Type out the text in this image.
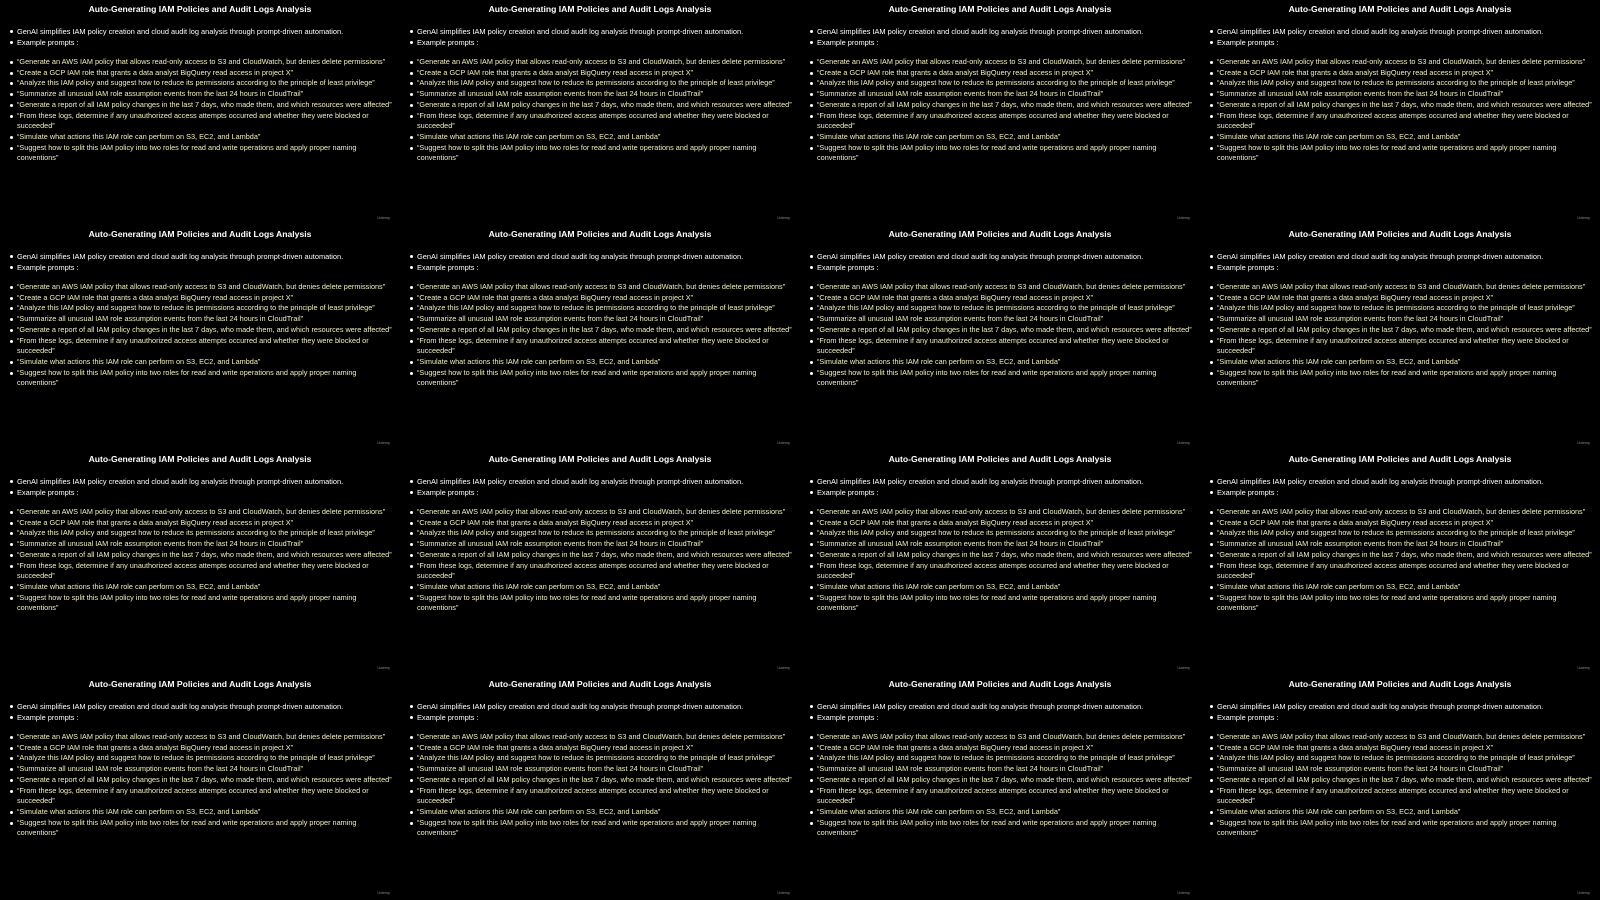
Auto-Generating IAM Policies and Audit Logs Analysis
GenAI simplifies IAM policy creation and cloud audit log analysis through prompt-driven automation.
Example prompts :
“Generate an AWS IAM policy that allows read-only access to S3 and CloudWatch, but denies delete permissions”
“Create a GCP IAM role that grants a data analyst BigQuery read access in project X”
“Analyze this IAM policy and suggest how to reduce its permissions according to the principle of least privilege”
“Summarize all unusual IAM role assumption events from the last 24 hours in CloudTrail”
“Generate a report of all IAM policy changes in the last 7 days, who made them, and which resources were affected”
“From these logs, determine if any unauthorized access attempts occurred and whether they were blocked or succeeded”
“Simulate what actions this IAM role can perform on S3, EC2, and Lambda”
“Suggest how to split this IAM policy into two roles for read and write operations and apply proper naming conventions”
Udemy
Auto-Generating IAM Policies and Audit Logs Analysis
GenAI simplifies IAM policy creation and cloud audit log analysis through prompt-driven automation.
Example prompts :
“Generate an AWS IAM policy that allows read-only access to S3 and CloudWatch, but denies delete permissions”
“Create a GCP IAM role that grants a data analyst BigQuery read access in project X”
“Analyze this IAM policy and suggest how to reduce its permissions according to the principle of least privilege”
“Summarize all unusual IAM role assumption events from the last 24 hours in CloudTrail”
“Generate a report of all IAM policy changes in the last 7 days, who made them, and which resources were affected”
“From these logs, determine if any unauthorized access attempts occurred and whether they were blocked or succeeded”
“Simulate what actions this IAM role can perform on S3, EC2, and Lambda”
“Suggest how to split this IAM policy into two roles for read and write operations and apply proper naming conventions”
Udemy
Auto-Generating IAM Policies and Audit Logs Analysis
GenAI simplifies IAM policy creation and cloud audit log analysis through prompt-driven automation.
Example prompts :
“Generate an AWS IAM policy that allows read-only access to S3 and CloudWatch, but denies delete permissions”
“Create a GCP IAM role that grants a data analyst BigQuery read access in project X”
“Analyze this IAM policy and suggest how to reduce its permissions according to the principle of least privilege”
“Summarize all unusual IAM role assumption events from the last 24 hours in CloudTrail”
“Generate a report of all IAM policy changes in the last 7 days, who made them, and which resources were affected”
“From these logs, determine if any unauthorized access attempts occurred and whether they were blocked or succeeded”
“Simulate what actions this IAM role can perform on S3, EC2, and Lambda”
“Suggest how to split this IAM policy into two roles for read and write operations and apply proper naming conventions”
Udemy
Auto-Generating IAM Policies and Audit Logs Analysis
GenAI simplifies IAM policy creation and cloud audit log analysis through prompt-driven automation.
Example prompts :
“Generate an AWS IAM policy that allows read-only access to S3 and CloudWatch, but denies delete permissions”
“Create a GCP IAM role that grants a data analyst BigQuery read access in project X”
“Analyze this IAM policy and suggest how to reduce its permissions according to the principle of least privilege”
“Summarize all unusual IAM role assumption events from the last 24 hours in CloudTrail”
“Generate a report of all IAM policy changes in the last 7 days, who made them, and which resources were affected”
“From these logs, determine if any unauthorized access attempts occurred and whether they were blocked or succeeded”
“Simulate what actions this IAM role can perform on S3, EC2, and Lambda”
“Suggest how to split this IAM policy into two roles for read and write operations and apply proper naming conventions”
Udemy
Auto-Generating IAM Policies and Audit Logs Analysis
GenAI simplifies IAM policy creation and cloud audit log analysis through prompt-driven automation.
Example prompts :
“Generate an AWS IAM policy that allows read-only access to S3 and CloudWatch, but denies delete permissions”
“Create a GCP IAM role that grants a data analyst BigQuery read access in project X”
“Analyze this IAM policy and suggest how to reduce its permissions according to the principle of least privilege”
“Summarize all unusual IAM role assumption events from the last 24 hours in CloudTrail”
“Generate a report of all IAM policy changes in the last 7 days, who made them, and which resources were affected”
“From these logs, determine if any unauthorized access attempts occurred and whether they were blocked or succeeded”
“Simulate what actions this IAM role can perform on S3, EC2, and Lambda”
“Suggest how to split this IAM policy into two roles for read and write operations and apply proper naming conventions”
Udemy
Auto-Generating IAM Policies and Audit Logs Analysis
GenAI simplifies IAM policy creation and cloud audit log analysis through prompt-driven automation.
Example prompts :
“Generate an AWS IAM policy that allows read-only access to S3 and CloudWatch, but denies delete permissions”
“Create a GCP IAM role that grants a data analyst BigQuery read access in project X”
“Analyze this IAM policy and suggest how to reduce its permissions according to the principle of least privilege”
“Summarize all unusual IAM role assumption events from the last 24 hours in CloudTrail”
“Generate a report of all IAM policy changes in the last 7 days, who made them, and which resources were affected”
“From these logs, determine if any unauthorized access attempts occurred and whether they were blocked or succeeded”
“Simulate what actions this IAM role can perform on S3, EC2, and Lambda”
“Suggest how to split this IAM policy into two roles for read and write operations and apply proper naming conventions”
Udemy
Auto-Generating IAM Policies and Audit Logs Analysis
GenAI simplifies IAM policy creation and cloud audit log analysis through prompt-driven automation.
Example prompts :
“Generate an AWS IAM policy that allows read-only access to S3 and CloudWatch, but denies delete permissions”
“Create a GCP IAM role that grants a data analyst BigQuery read access in project X”
“Analyze this IAM policy and suggest how to reduce its permissions according to the principle of least privilege”
“Summarize all unusual IAM role assumption events from the last 24 hours in CloudTrail”
“Generate a report of all IAM policy changes in the last 7 days, who made them, and which resources were affected”
“From these logs, determine if any unauthorized access attempts occurred and whether they were blocked or succeeded”
“Simulate what actions this IAM role can perform on S3, EC2, and Lambda”
“Suggest how to split this IAM policy into two roles for read and write operations and apply proper naming conventions”
Udemy
Auto-Generating IAM Policies and Audit Logs Analysis
GenAI simplifies IAM policy creation and cloud audit log analysis through prompt-driven automation.
Example prompts :
“Generate an AWS IAM policy that allows read-only access to S3 and CloudWatch, but denies delete permissions”
“Create a GCP IAM role that grants a data analyst BigQuery read access in project X”
“Analyze this IAM policy and suggest how to reduce its permissions according to the principle of least privilege”
“Summarize all unusual IAM role assumption events from the last 24 hours in CloudTrail”
“Generate a report of all IAM policy changes in the last 7 days, who made them, and which resources were affected”
“From these logs, determine if any unauthorized access attempts occurred and whether they were blocked or succeeded”
“Simulate what actions this IAM role can perform on S3, EC2, and Lambda”
“Suggest how to split this IAM policy into two roles for read and write operations and apply proper naming conventions”
Udemy
Auto-Generating IAM Policies and Audit Logs Analysis
GenAI simplifies IAM policy creation and cloud audit log analysis through prompt-driven automation.
Example prompts :
“Generate an AWS IAM policy that allows read-only access to S3 and CloudWatch, but denies delete permissions”
“Create a GCP IAM role that grants a data analyst BigQuery read access in project X”
“Analyze this IAM policy and suggest how to reduce its permissions according to the principle of least privilege”
“Summarize all unusual IAM role assumption events from the last 24 hours in CloudTrail”
“Generate a report of all IAM policy changes in the last 7 days, who made them, and which resources were affected”
“From these logs, determine if any unauthorized access attempts occurred and whether they were blocked or succeeded”
“Simulate what actions this IAM role can perform on S3, EC2, and Lambda”
“Suggest how to split this IAM policy into two roles for read and write operations and apply proper naming conventions”
Udemy
Auto-Generating IAM Policies and Audit Logs Analysis
GenAI simplifies IAM policy creation and cloud audit log analysis through prompt-driven automation.
Example prompts :
“Generate an AWS IAM policy that allows read-only access to S3 and CloudWatch, but denies delete permissions”
“Create a GCP IAM role that grants a data analyst BigQuery read access in project X”
“Analyze this IAM policy and suggest how to reduce its permissions according to the principle of least privilege”
“Summarize all unusual IAM role assumption events from the last 24 hours in CloudTrail”
“Generate a report of all IAM policy changes in the last 7 days, who made them, and which resources were affected”
“From these logs, determine if any unauthorized access attempts occurred and whether they were blocked or succeeded”
“Simulate what actions this IAM role can perform on S3, EC2, and Lambda”
“Suggest how to split this IAM policy into two roles for read and write operations and apply proper naming conventions”
Udemy
Auto-Generating IAM Policies and Audit Logs Analysis
GenAI simplifies IAM policy creation and cloud audit log analysis through prompt-driven automation.
Example prompts :
“Generate an AWS IAM policy that allows read-only access to S3 and CloudWatch, but denies delete permissions”
“Create a GCP IAM role that grants a data analyst BigQuery read access in project X”
“Analyze this IAM policy and suggest how to reduce its permissions according to the principle of least privilege”
“Summarize all unusual IAM role assumption events from the last 24 hours in CloudTrail”
“Generate a report of all IAM policy changes in the last 7 days, who made them, and which resources were affected”
“From these logs, determine if any unauthorized access attempts occurred and whether they were blocked or succeeded”
“Simulate what actions this IAM role can perform on S3, EC2, and Lambda”
“Suggest how to split this IAM policy into two roles for read and write operations and apply proper naming conventions”
Udemy
Auto-Generating IAM Policies and Audit Logs Analysis
GenAI simplifies IAM policy creation and cloud audit log analysis through prompt-driven automation.
Example prompts :
“Generate an AWS IAM policy that allows read-only access to S3 and CloudWatch, but denies delete permissions”
“Create a GCP IAM role that grants a data analyst BigQuery read access in project X”
“Analyze this IAM policy and suggest how to reduce its permissions according to the principle of least privilege”
“Summarize all unusual IAM role assumption events from the last 24 hours in CloudTrail”
“Generate a report of all IAM policy changes in the last 7 days, who made them, and which resources were affected”
“From these logs, determine if any unauthorized access attempts occurred and whether they were blocked or succeeded”
“Simulate what actions this IAM role can perform on S3, EC2, and Lambda”
“Suggest how to split this IAM policy into two roles for read and write operations and apply proper naming conventions”
Udemy
Auto-Generating IAM Policies and Audit Logs Analysis
GenAI simplifies IAM policy creation and cloud audit log analysis through prompt-driven automation.
Example prompts :
“Generate an AWS IAM policy that allows read-only access to S3 and CloudWatch, but denies delete permissions”
“Create a GCP IAM role that grants a data analyst BigQuery read access in project X”
“Analyze this IAM policy and suggest how to reduce its permissions according to the principle of least privilege”
“Summarize all unusual IAM role assumption events from the last 24 hours in CloudTrail”
“Generate a report of all IAM policy changes in the last 7 days, who made them, and which resources were affected”
“From these logs, determine if any unauthorized access attempts occurred and whether they were blocked or succeeded”
“Simulate what actions this IAM role can perform on S3, EC2, and Lambda”
“Suggest how to split this IAM policy into two roles for read and write operations and apply proper naming conventions”
Udemy
Auto-Generating IAM Policies and Audit Logs Analysis
GenAI simplifies IAM policy creation and cloud audit log analysis through prompt-driven automation.
Example prompts :
“Generate an AWS IAM policy that allows read-only access to S3 and CloudWatch, but denies delete permissions”
“Create a GCP IAM role that grants a data analyst BigQuery read access in project X”
“Analyze this IAM policy and suggest how to reduce its permissions according to the principle of least privilege”
“Summarize all unusual IAM role assumption events from the last 24 hours in CloudTrail”
“Generate a report of all IAM policy changes in the last 7 days, who made them, and which resources were affected”
“From these logs, determine if any unauthorized access attempts occurred and whether they were blocked or succeeded”
“Simulate what actions this IAM role can perform on S3, EC2, and Lambda”
“Suggest how to split this IAM policy into two roles for read and write operations and apply proper naming conventions”
Udemy
Auto-Generating IAM Policies and Audit Logs Analysis
GenAI simplifies IAM policy creation and cloud audit log analysis through prompt-driven automation.
Example prompts :
“Generate an AWS IAM policy that allows read-only access to S3 and CloudWatch, but denies delete permissions”
“Create a GCP IAM role that grants a data analyst BigQuery read access in project X”
“Analyze this IAM policy and suggest how to reduce its permissions according to the principle of least privilege”
“Summarize all unusual IAM role assumption events from the last 24 hours in CloudTrail”
“Generate a report of all IAM policy changes in the last 7 days, who made them, and which resources were affected”
“From these logs, determine if any unauthorized access attempts occurred and whether they were blocked or succeeded”
“Simulate what actions this IAM role can perform on S3, EC2, and Lambda”
“Suggest how to split this IAM policy into two roles for read and write operations and apply proper naming conventions”
Udemy
Auto-Generating IAM Policies and Audit Logs Analysis
GenAI simplifies IAM policy creation and cloud audit log analysis through prompt-driven automation.
Example prompts :
“Generate an AWS IAM policy that allows read-only access to S3 and CloudWatch, but denies delete permissions”
“Create a GCP IAM role that grants a data analyst BigQuery read access in project X”
“Analyze this IAM policy and suggest how to reduce its permissions according to the principle of least privilege”
“Summarize all unusual IAM role assumption events from the last 24 hours in CloudTrail”
“Generate a report of all IAM policy changes in the last 7 days, who made them, and which resources were affected”
“From these logs, determine if any unauthorized access attempts occurred and whether they were blocked or succeeded”
“Simulate what actions this IAM role can perform on S3, EC2, and Lambda”
“Suggest how to split this IAM policy into two roles for read and write operations and apply proper naming conventions”
Udemy
